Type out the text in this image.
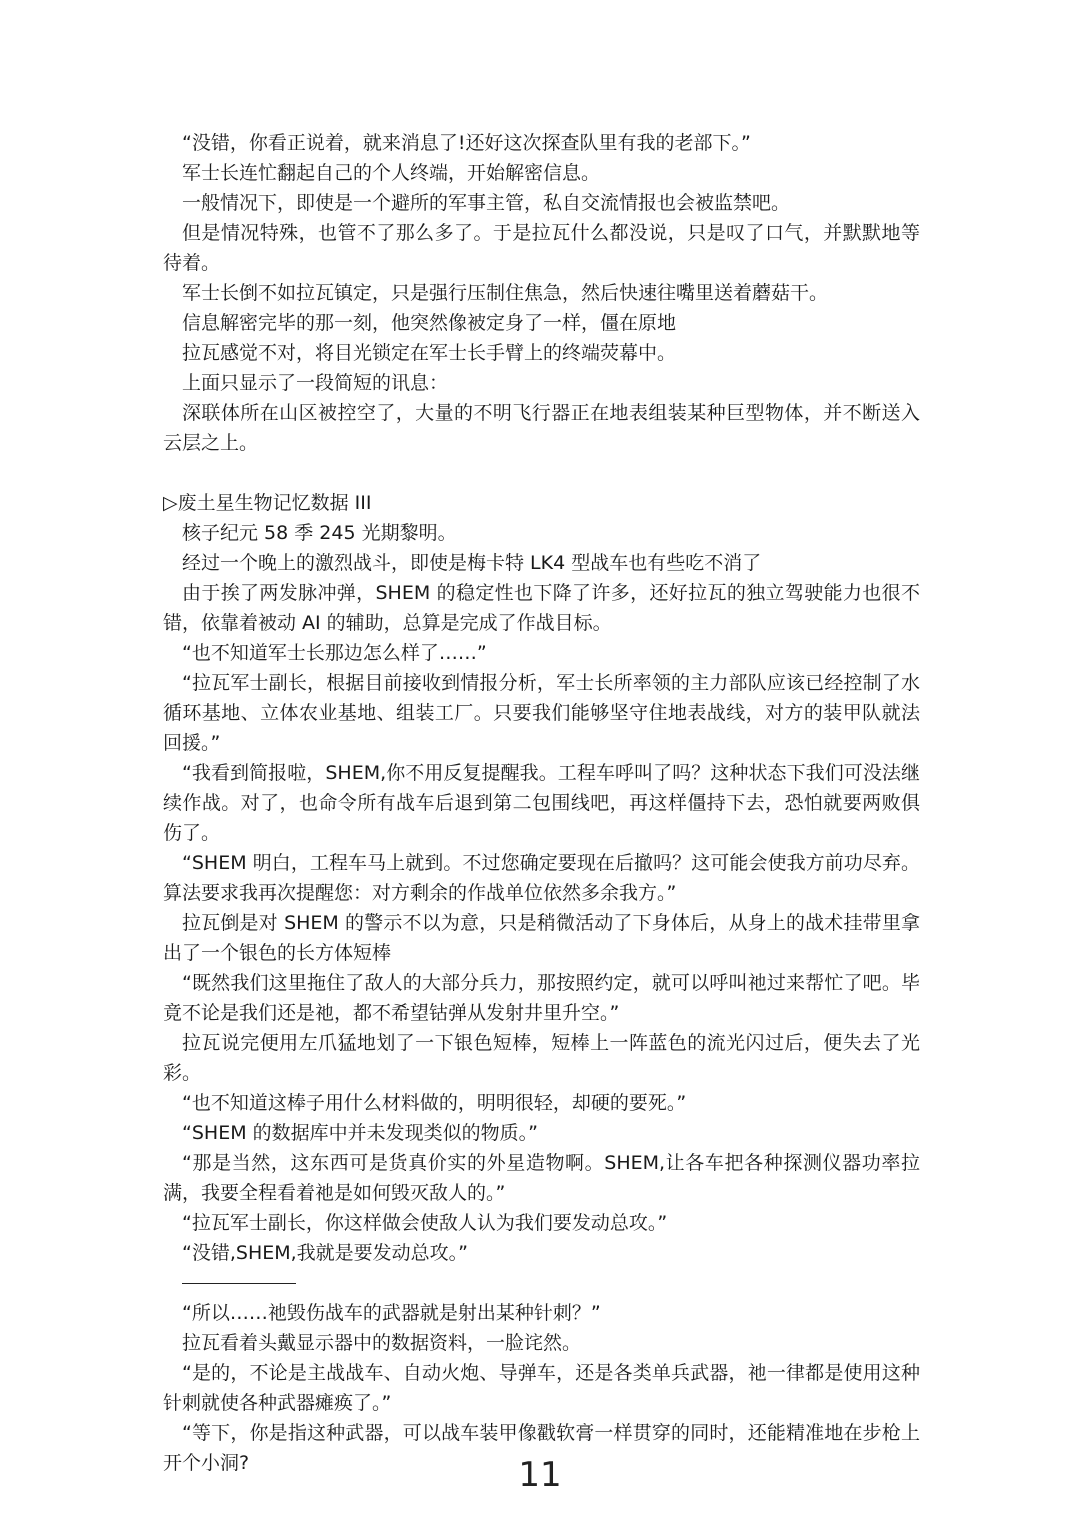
“没错，你看正说着，就来消息了!还好这次探查队里有我的老部下。”

军士长连忙翻起自己的个人终端，开始解密信息。

一般情况下，即使是一个避所的军事主管，私自交流情报也会被监禁吧。

但是情况特殊，也管不了那么多了。于是拉瓦什么都没说，只是叹了口气，并默默地等待着。

军士长倒不如拉瓦镇定，只是强行压制住焦急，然后快速往嘴里送着蘑菇干。

信息解密完毕的那一刻，他突然像被定身了一样，僵在原地

拉瓦感觉不对，将目光锁定在军士长手臂上的终端荧幕中。

上面只显示了一段简短的讯息：

深联体所在山区被控空了，大量的不明飞行器正在地表组装某种巨型物体，并不断送入云层之上。

▷废土星生物记忆数据 III

核子纪元 58 季 245 光期黎明。

经过一个晚上的激烈战斗，即使是梅卡特 LK4 型战车也有些吃不消了

由于挨了两发脉冲弹，SHEM 的稳定性也下降了许多，还好拉瓦的独立驾驶能力也很不错，依靠着被动 AI 的辅助，总算是完成了作战目标。

“也不知道军士长那边怎么样了……”

“拉瓦军士副长，根据目前接收到情报分析，军士长所率领的主力部队应该已经控制了水循环基地、立体农业基地、组装工厂。只要我们能够坚守住地表战线，对方的装甲队就法回援。”

“我看到简报啦，SHEM,你不用反复提醒我。工程车呼叫了吗？这种状态下我们可没法继续作战。对了，也命令所有战车后退到第二包围线吧，再这样僵持下去，恐怕就要两败俱伤了。

“SHEM 明白，工程车马上就到。不过您确定要现在后撤吗？这可能会使我方前功尽弃。算法要求我再次提醒您：对方剩余的作战单位依然多余我方。”

拉瓦倒是对 SHEM 的警示不以为意，只是稍微活动了下身体后，从身上的战术挂带里拿出了一个银色的长方体短棒

“既然我们这里拖住了敌人的大部分兵力，那按照约定，就可以呼叫祂过来帮忙了吧。毕竟不论是我们还是祂，都不希望钴弹从发射井里升空。”

拉瓦说完便用左爪猛地划了一下银色短棒，短棒上一阵蓝色的流光闪过后，便失去了光彩。

“也不知道这棒子用什么材料做的，明明很轻，却硬的要死。”

“SHEM 的数据库中并未发现类似的物质。”

“那是当然，这东西可是货真价实的外星造物啊。SHEM,让各车把各种探测仪器功率拉满，我要全程看着祂是如何毁灭敌人的。”

“拉瓦军士副长，你这样做会使敌人认为我们要发动总攻。”

“没错,SHEM,我就是要发动总攻。”

“所以……祂毁伤战车的武器就是射出某种针刺？”

拉瓦看着头戴显示器中的数据资料，一脸诧然。

“是的，不论是主战战车、自动火炮、导弹车，还是各类单兵武器，祂一律都是使用这种针刺就使各种武器瘫痪了。”

“等下，你是指这种武器，可以战车装甲像戳软膏一样贯穿的同时，还能精准地在步枪上开个小洞?	11
